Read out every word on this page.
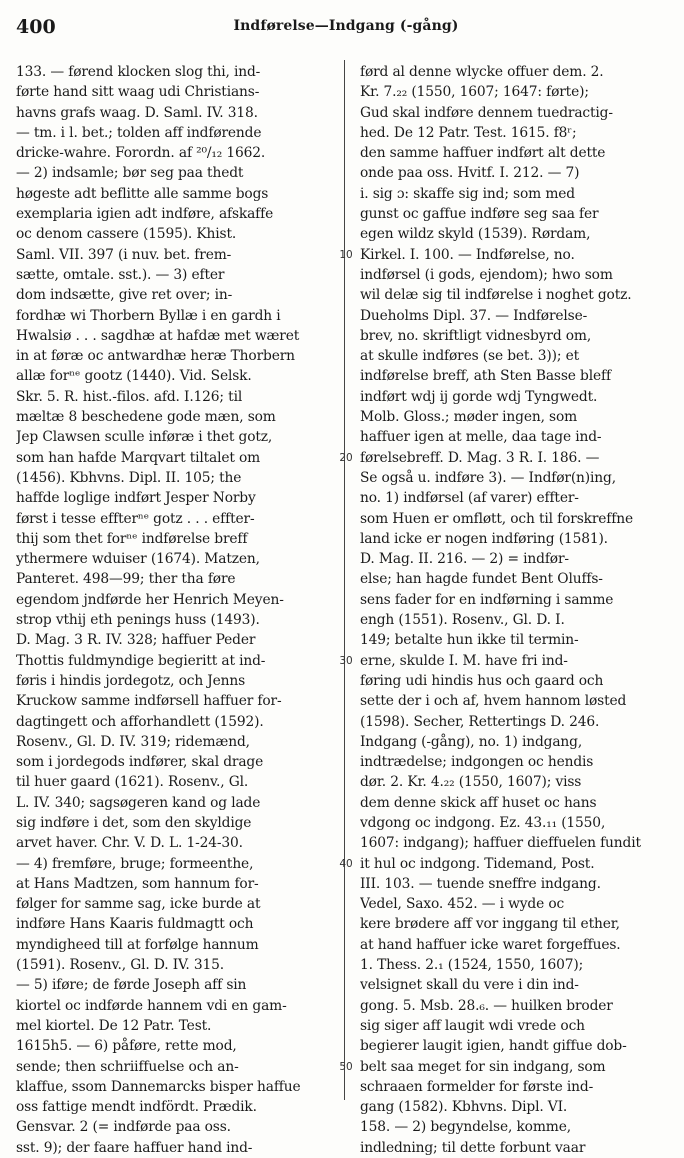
400	Indførelse—Indgang (-gång)
133. — førend klocken slog thi, ind-
førte hand sitt waag udi Christians-
havns grafs waag. D. Saml. IV. 318.
— tm. i l. bet.; tolden aff indførende
dricke-wahre. Forordn. af ²⁰/₁₂ 1662.
— 2) indsamle; bør seg paa thedt
høgeste adt beflitte alle samme bogs
exemplaria igien adt indføre, afskaffe
oc denom cassere (1595). Khist.
Saml. VII. 397 (i nuv. bet. frem-
sætte, omtale. sst.). — 3) efter
dom indsætte, give ret over; in-
fordhæ wi Thorbern Byllæ i en gardh i
Hwalsiø . . . sagdhæ at hafdæ met wæret
in at føræ oc antwardhæ heræ Thorbern
allæ forⁿᵉ gootz (1440). Vid. Selsk.
Skr. 5. R. hist.-filos. afd. I.126; til
mæltæ 8 beschedene gode mæn, som
Jep Clawsen sculle inføræ i thet gotz,
som han hafde Marqvart tiltalet om
(1456). Kbhvns. Dipl. II. 105; the
haffde loglige indført Jesper Norby
først i tesse effterⁿᵉ gotz . . . effter-
thij som thet forⁿᵉ indførelse breff
ythermere wduiser (1674). Matzen,
Panteret. 498—99; ther tha føre
egendom jndførde her Henrich Meyen-
strop vthij eth penings huss (1493).
D. Mag. 3 R. IV. 328; haffuer Peder
Thottis fuldmyndige begieritt at ind-
føris i hindis jordegotz, och Jenns
Kruckow samme indførsell haffuer for-
dagtingett och afforhandlett (1592).
Rosenv., Gl. D. IV. 319; ridemænd,
som i jordegods indfører, skal drage
til huer gaard (1621). Rosenv., Gl.
L. IV. 340; sagsøgeren kand og lade
sig indføre i det, som den skyldige
arvet haver. Chr. V. D. L. 1-24-30.
— 4) fremføre, bruge; formeenthe,
at Hans Madtzen, som hannum for-
følger for samme sag, icke burde at
indføre Hans Kaaris fuldmagtt och
myndigheed till at forfølge hannum
(1591). Rosenv., Gl. D. IV. 315.
— 5) iføre; de førde Joseph aff sin
kiortel oc indførde hannem vdi en gam-
mel kiortel. De 12 Patr. Test.
1615h5. — 6) påføre, rette mod,
sende; then schriiffuelse och an-
klaffue, ssom Dannemarcks bisper haffue
oss fattige mendt indfördt. Prædik.
Gensvar. 2 (= indførde paa oss.
sst. 9); der faare haffuer hand ind-
10
20
30
40
50
førd al denne wlycke offuer dem. 2.
Kr. 7.₂₂ (1550, 1607; 1647: førte);
Gud skal indføre dennem tuedractig-
hed. De 12 Patr. Test. 1615. f8ʳ;
den samme haffuer indført alt dette
onde paa oss. Hvitf. I. 212. — 7)
i. sig ɔ: skaffe sig ind; som med
gunst oc gaffue indføre seg saa fer
egen wildz skyld (1539). Rørdam,
Kirkel. I. 100. — Indførelse, no.
indførsel (i gods, ejendom); hwo som
wil delæ sig til indførelse i noghet gotz.
Dueholms Dipl. 37. — Indførelse-
brev, no. skriftligt vidnesbyrd om,
at skulle indføres (se bet. 3)); et
indførelse breff, ath Sten Basse bleff
indført wdj ij gorde wdj Tyngwedt.
Molb. Gloss.; møder ingen, som
haffuer igen at melle, daa tage ind-
førelsebreff. D. Mag. 3 R. I. 186. —
Se også u. indføre 3). — Indfør(n)ing,
no. 1) indførsel (af varer) effter-
som Huen er omfløtt, och til forskreffne
land icke er nogen indføring (1581).
D. Mag. II. 216. — 2) = indfør-
else; han hagde fundet Bent Oluffs-
sens fader for en indførning i samme
engh (1551). Rosenv., Gl. D. I.
149; betalte hun ikke til termin-
erne, skulde I. M. have fri ind-
føring udi hindis hus och gaard och
sette der i och af, hvem hannom løsted
(1598). Secher, Rettertings D. 246.
Indgang (-gång), no. 1) indgang,
indtrædelse; indgongen oc hendis
dør. 2. Kr. 4.₂₂ (1550, 1607); viss
dem denne skick aff huset oc hans
vdgong oc indgong. Ez. 43.₁₁ (1550,
1607: indgang); haffuer dieffuelen fundit
it hul oc indgong. Tidemand, Post.
III. 103. — tuende sneffre indgang.
Vedel, Saxo. 452. — i wyde oc
kere brødere aff vor inggang til ether,
at hand haffuer icke waret forgeffues.
1. Thess. 2.₁ (1524, 1550, 1607);
velsignet skall du vere i din ind-
gong. 5. Msb. 28.₆. — huilken broder
sig siger aff laugit wdi vrede och
begierer laugit igien, handt giffue dob-
belt saa meget for sin indgang, som
schraaen formelder for første ind-
gang (1582). Kbhvns. Dipl. VI.
158. — 2) begyndelse, komme,
indledning; til dette forbunt vaar
